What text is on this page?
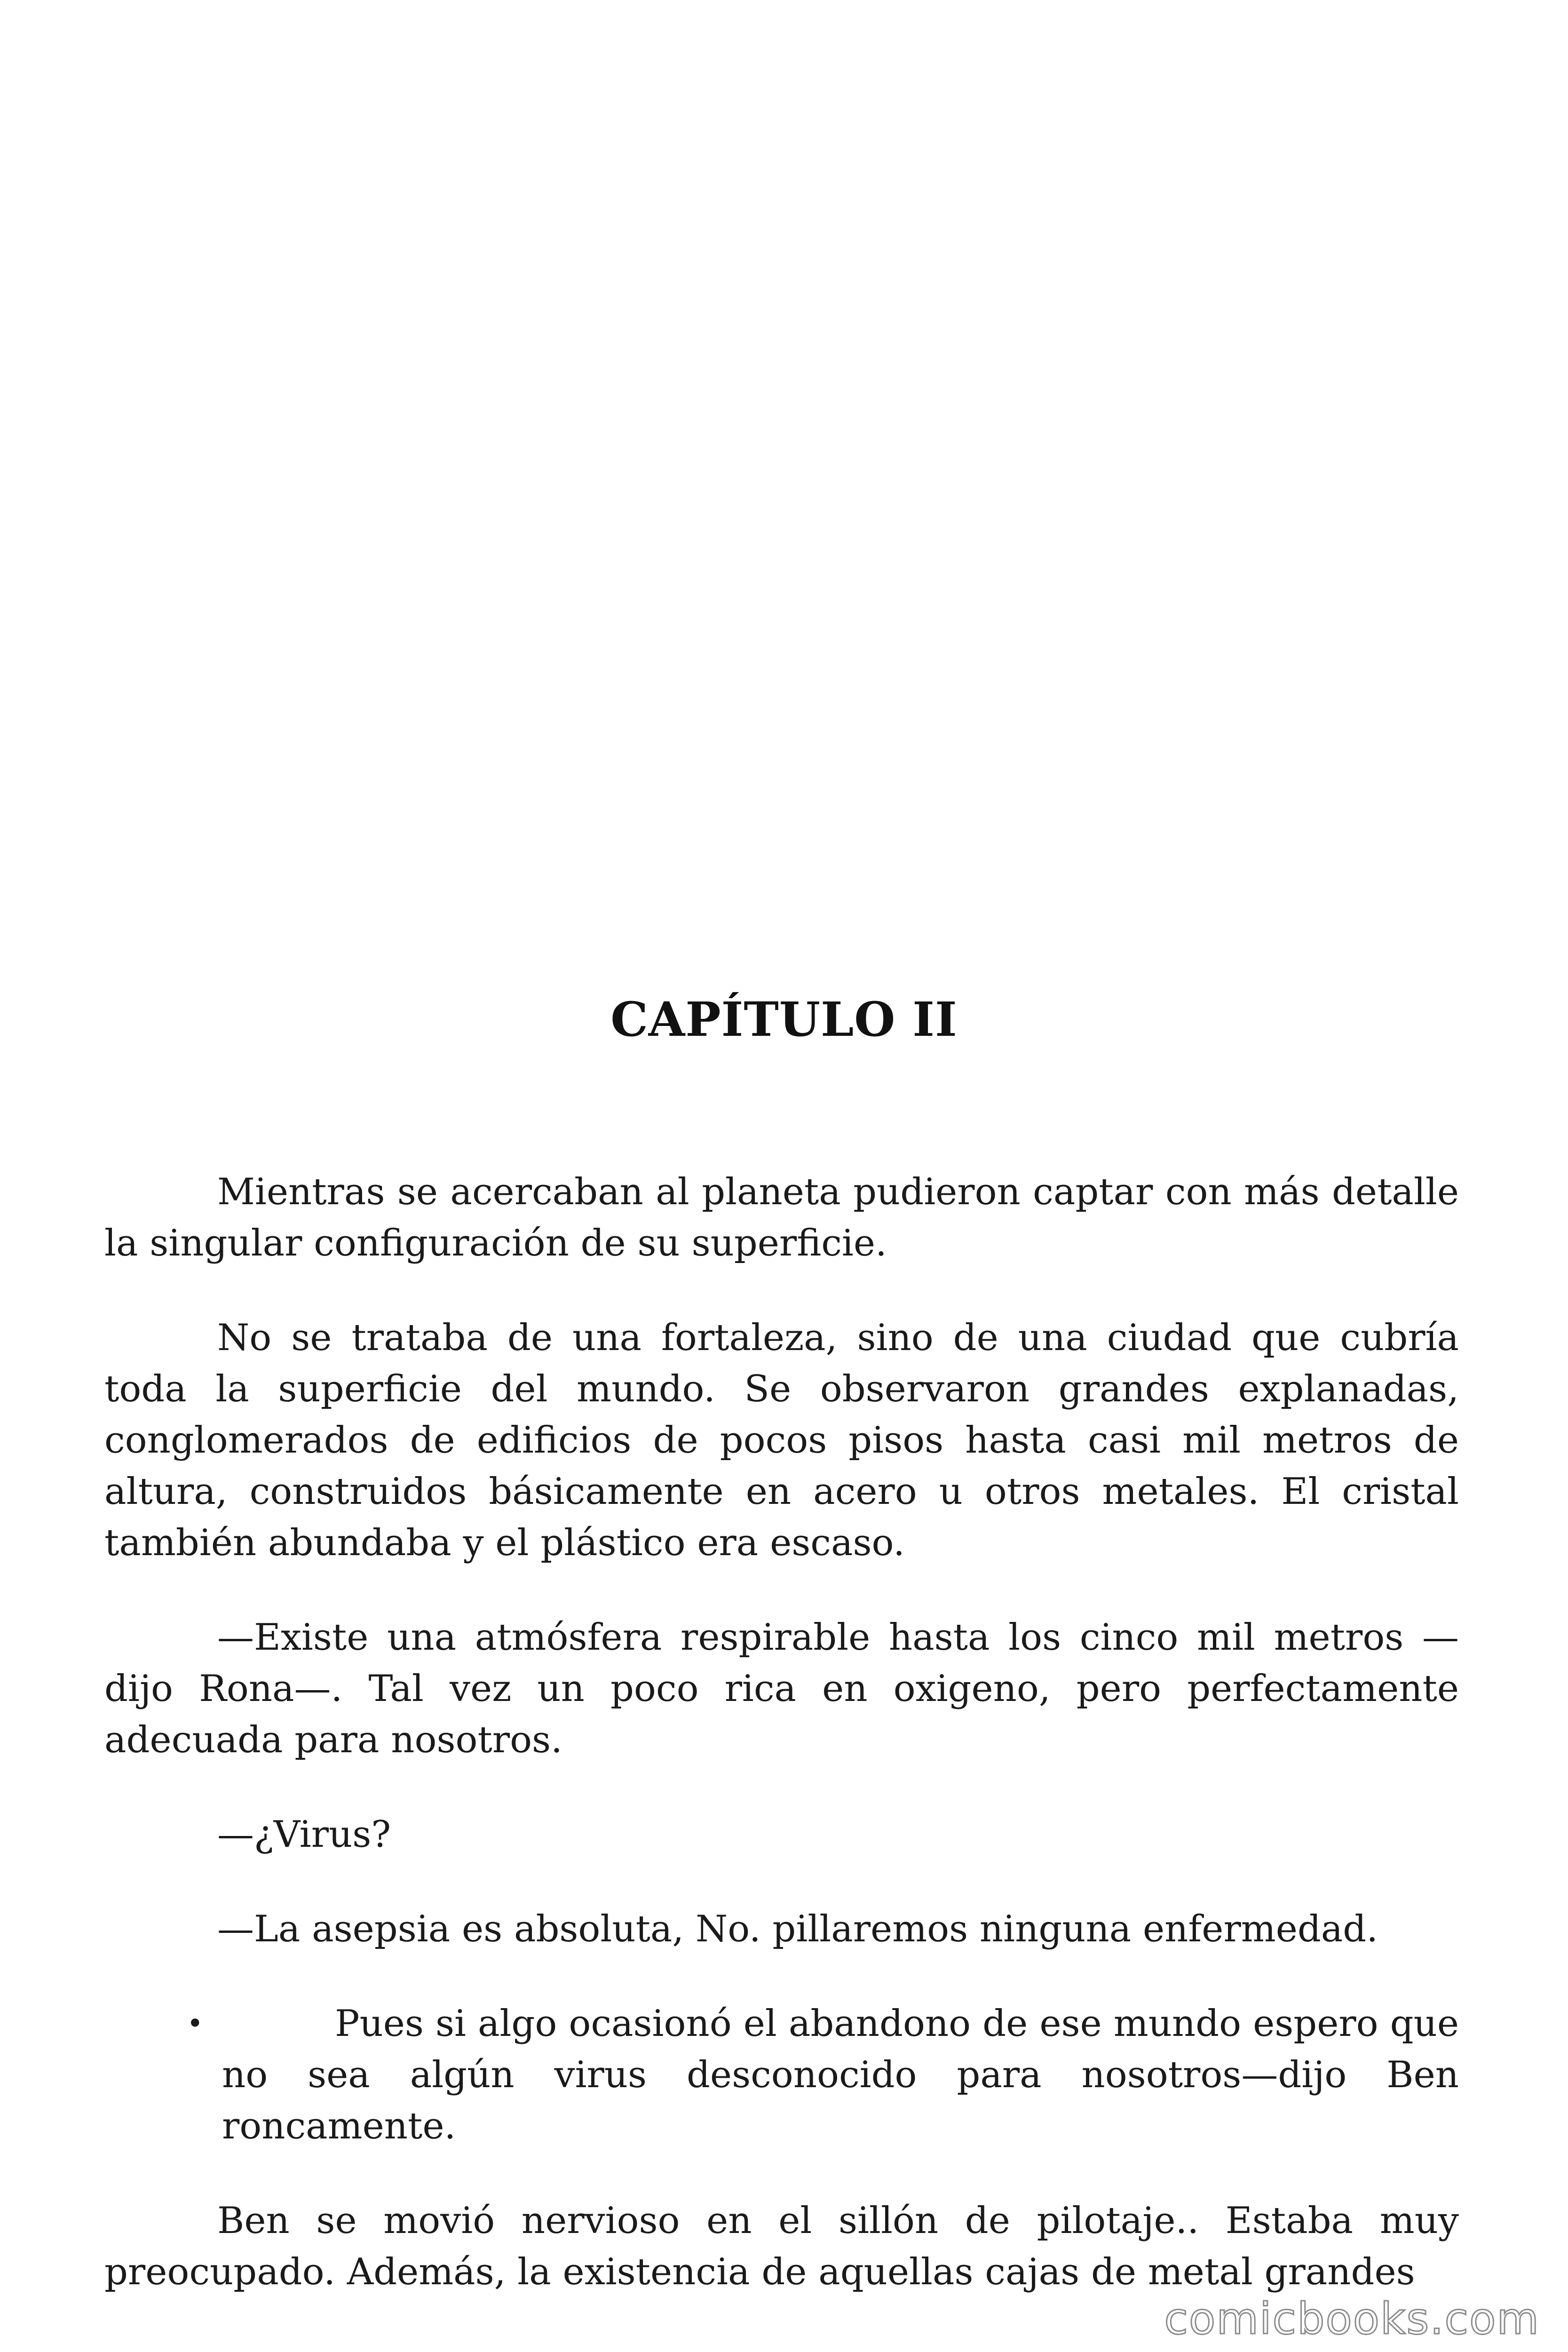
CAPÍTULO II

Mientras se acercaban al planeta pudieron captar con más detalle la singular configuración de su superficie.

No se trataba de una fortaleza, sino de una ciudad que cubría toda la superficie del mundo. Se observaron grandes explanadas, conglomerados de edificios de pocos pisos hasta casi mil metros de altura, construidos básicamente en acero u otros metales. El cristal también abundaba y el plástico era escaso.

—Existe una atmósfera respirable hasta los cinco mil metros —dijo Rona—. Tal vez un poco rica en oxigeno, pero perfectamente adecuada para nosotros.

—¿Virus?

—La asepsia es absoluta, No. pillaremos ninguna enfermedad.

•	Pues si algo ocasionó el abandono de ese mundo espero que no sea algún virus desconocido para nosotros—dijo Ben roncamente.

Ben se movió nervioso en el sillón de pilotaje.. Estaba muy preocupado. Además, la existencia de aquellas cajas de metal grandes

comicbooks.com
